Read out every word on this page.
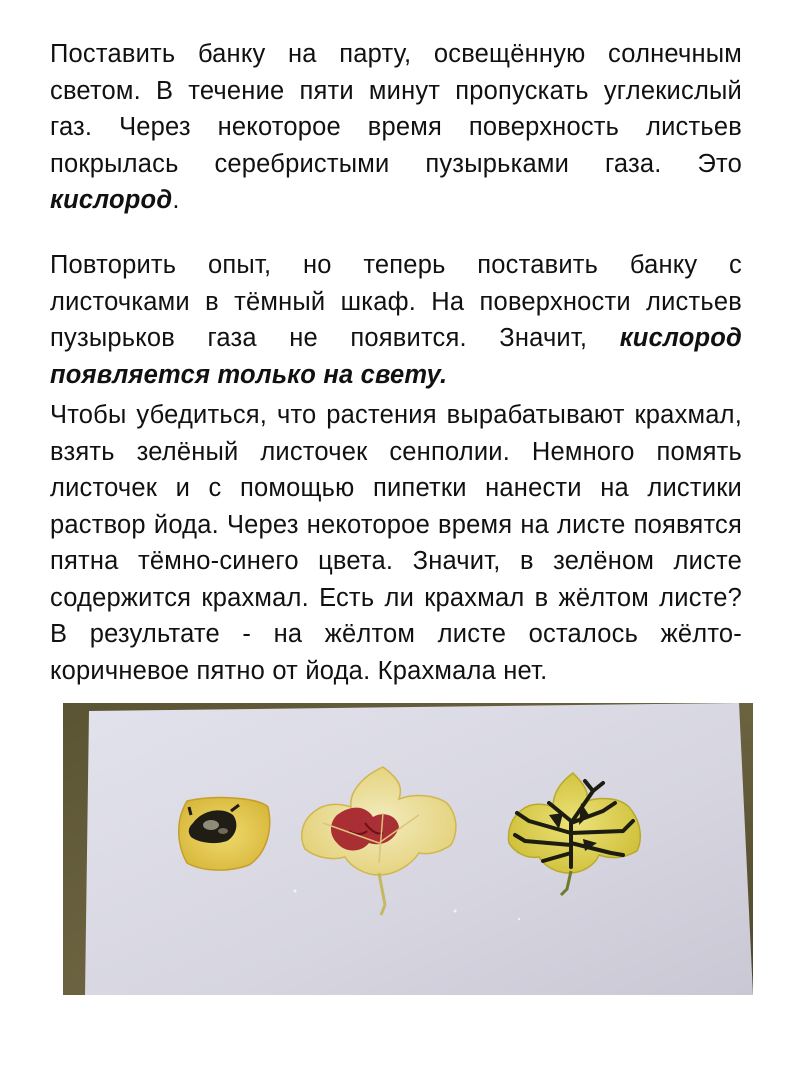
Поставить банку на парту, освещённую солнечным светом. В течение пяти минут пропускать углекислый газ. Через некоторое время поверхность листьев покрылась серебристыми пузырьками газа. Это кислород.
Повторить опыт, но теперь поставить банку с листочками в тёмный шкаф. На поверхности листьев пузырьков газа не появится. Значит, кислород появляется только на свету.
Чтобы убедиться, что растения вырабатывают крахмал, взять зелёный листочек сенполии. Немного помять листочек и с помощью пипетки нанести на листики раствор йода. Через некоторое время на листе появятся пятна тёмно-синего цвета. Значит, в зелёном листе содержится крахмал. Есть ли крахмал в жёлтом листе? В результате - на жёлтом листе осталось жёлто-коричневое пятно от йода. Крахмала нет.
